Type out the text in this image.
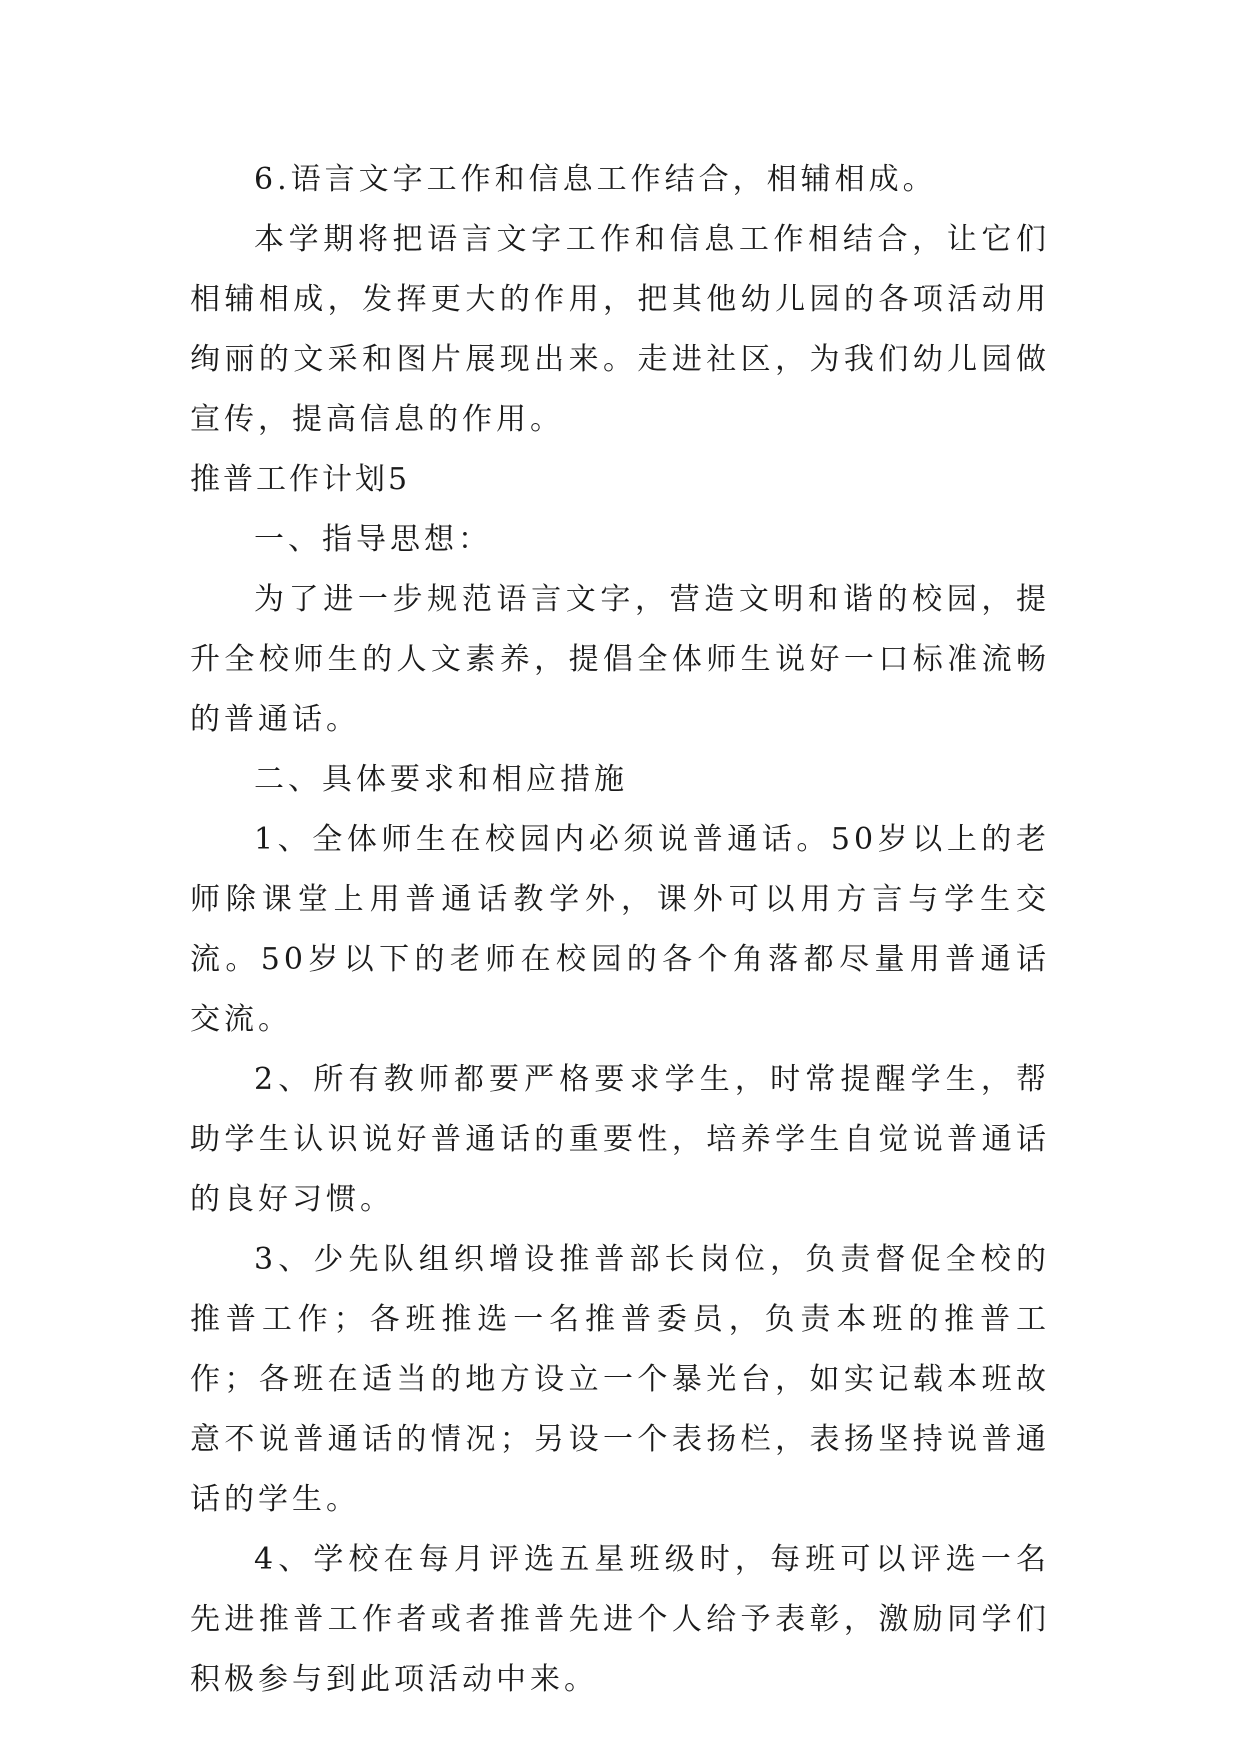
6.语言文字工作和信息工作结合，相辅相成。

本学期将把语言文字工作和信息工作相结合，让它们相辅相成，发挥更大的作用，把其他幼儿园的各项活动用绚丽的文采和图片展现出来。走进社区，为我们幼儿园做宣传，提高信息的作用。

推普工作计划5

一、指导思想：

为了进一步规范语言文字，营造文明和谐的校园，提升全校师生的人文素养，提倡全体师生说好一口标准流畅的普通话。

二、具体要求和相应措施

1、全体师生在校园内必须说普通话。50岁以上的老师除课堂上用普通话教学外，课外可以用方言与学生交流。50岁以下的老师在校园的各个角落都尽量用普通话交流。

2、所有教师都要严格要求学生，时常提醒学生，帮助学生认识说好普通话的重要性，培养学生自觉说普通话的良好习惯。

3、少先队组织增设推普部长岗位，负责督促全校的推普工作；各班推选一名推普委员，负责本班的推普工作；各班在适当的地方设立一个暴光台，如实记载本班故意不说普通话的情况；另设一个表扬栏，表扬坚持说普通话的学生。

4、学校在每月评选五星班级时，每班可以评选一名先进推普工作者或者推普先进个人给予表彰，激励同学们积极参与到此项活动中来。
